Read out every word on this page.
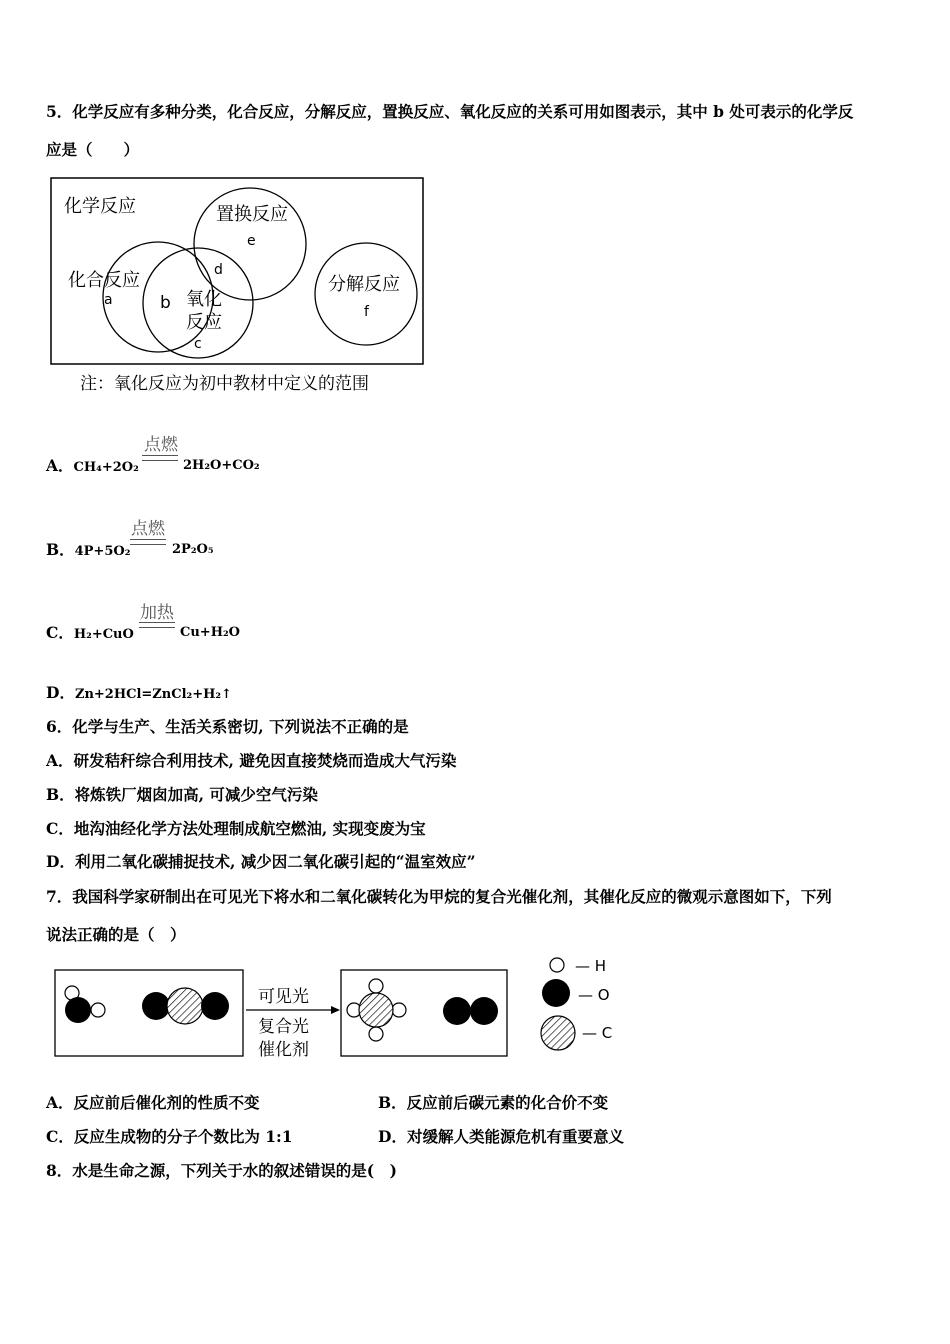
5．化学反应有多种分类，化合反应，分解反应，置换反应、氧化反应的关系可用如图表示，其中 b 处可表示的化学反
应是（　　）
化学反应
化合反应
a	b 氧化
反应
c
置换反应
d
e
分解反应
f
注：氧化反应为初中教材中定义的范围
A．CH₄+2O₂
点燃
2H₂O+CO₂
B．4P+5O₂
点燃
2P₂O₅
C．H₂+CuO
加热
Cu+H₂O
D．Zn+2HCl=ZnCl₂+H₂↑
6．化学与生产、生活关系密切, 下列说法不正确的是
A．研发秸秆综合利用技术, 避免因直接焚烧而造成大气污染
B．将炼铁厂烟囱加高, 可减少空气污染
C．地沟油经化学方法处理制成航空燃油, 实现变废为宝
D．利用二氧化碳捕捉技术, 减少因二氧化碳引起的“温室效应”
7．我国科学家研制出在可见光下将水和二氧化碳转化为甲烷的复合光催化剂，其催化反应的微观示意图如下，下列
说法正确的是（　）
可见光
复合光
催化剂
— H
— O
— C
A．反应前后催化剂的性质不变	B．反应前后碳元素的化合价不变
C．反应生成物的分子个数比为 1:1	D．对缓解人类能源危机有重要意义
8．水是生命之源，下列关于水的叙述错误的是(　)
